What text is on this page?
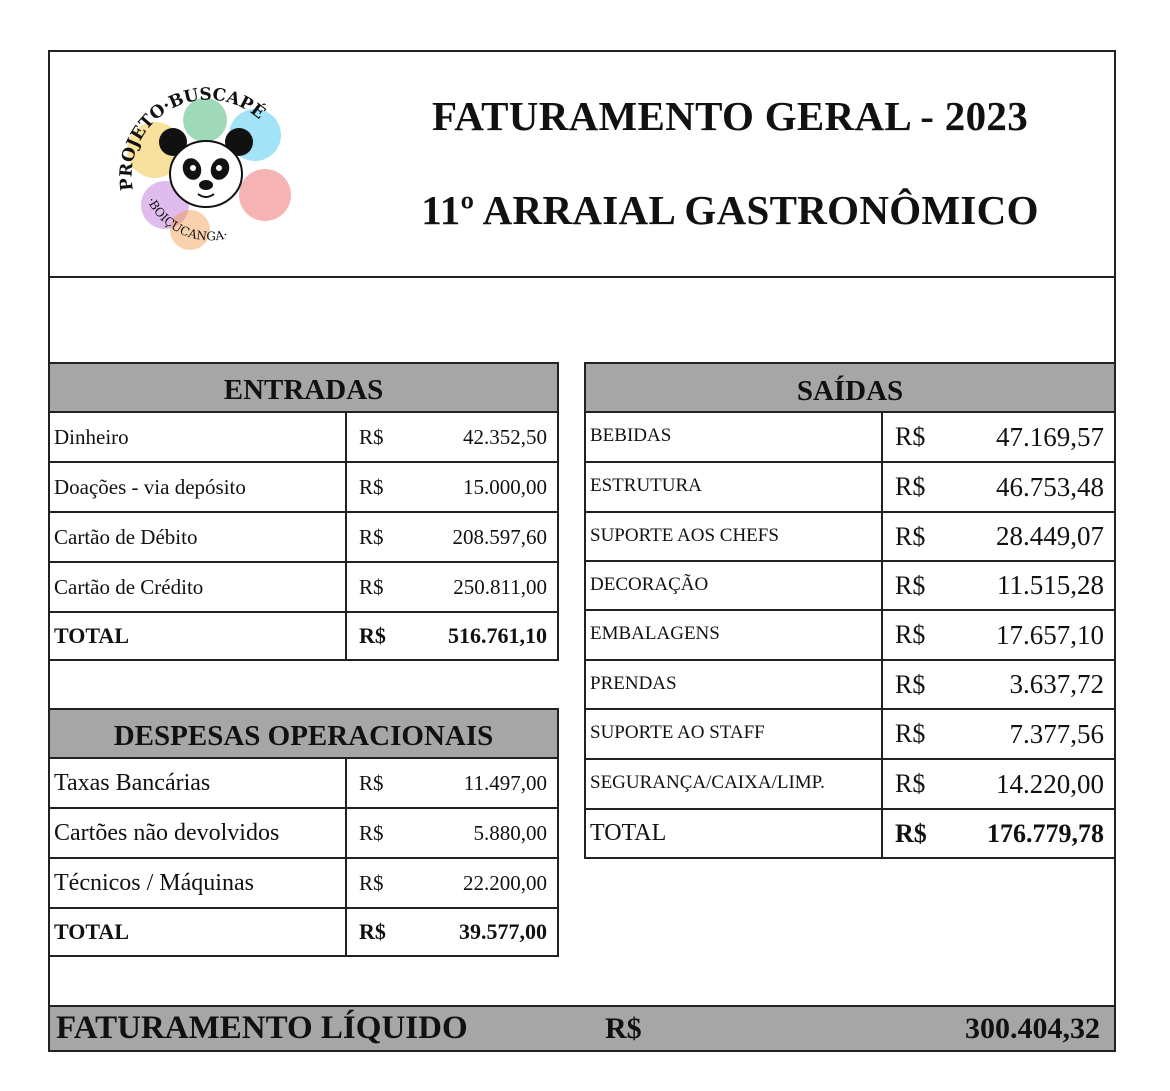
PROJETO·BUSCAPÉ
·BOIÇUCANGA·
FATURAMENTO GERAL - 2023
11º ARRAIAL GASTRONÔMICO
ENTRADAS
Dinheiro	R$	42.352,50
Doações - via depósito	R$	15.000,00
Cartão de Débito	R$	208.597,60
Cartão de Crédito	R$	250.811,00
TOTAL	R$	516.761,10
DESPESAS OPERACIONAIS
Taxas Bancárias	R$	11.497,00
Cartões não devolvidos	R$	5.880,00
Técnicos / Máquinas	R$	22.200,00
TOTAL	R$	39.577,00
SAÍDAS
BEBIDAS	R$	47.169,57
ESTRUTURA	R$	46.753,48
SUPORTE AOS CHEFS	R$	28.449,07
DECORAÇÃO	R$	11.515,28
EMBALAGENS	R$	17.657,10
PRENDAS	R$	3.637,72
SUPORTE AO STAFF	R$	7.377,56
SEGURANÇA/CAIXA/LIMP.	R$	14.220,00
TOTAL	R$ 176.779,78
FATURAMENTO LÍQUIDO	R$	300.404,32
